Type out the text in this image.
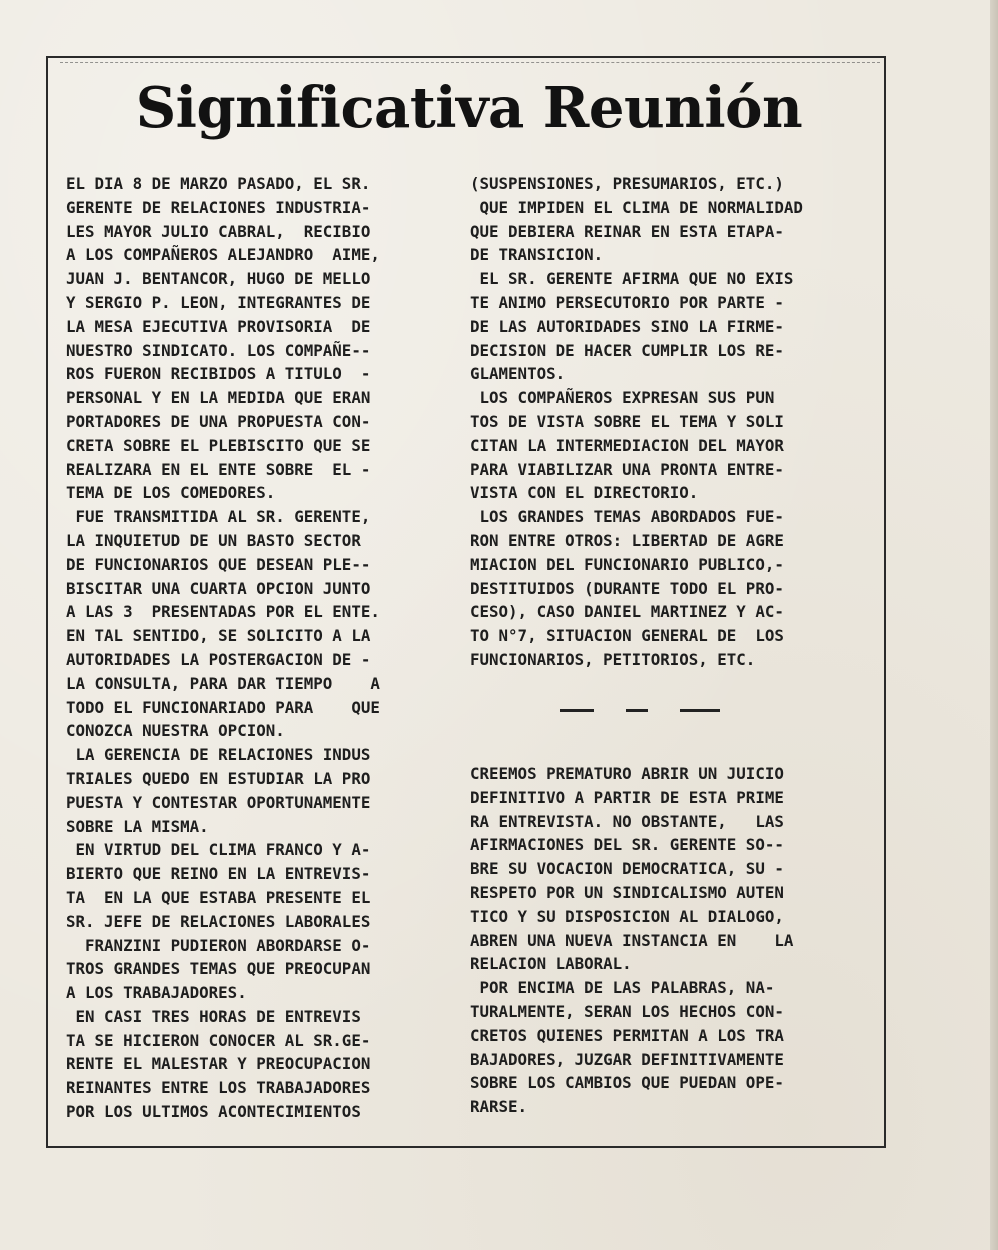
Significativa Reunión
EL DIA 8 DE MARZO PASADO, EL SR.
GERENTE DE RELACIONES INDUSTRIA-
LES MAYOR JULIO CABRAL,  RECIBIO
A LOS COMPAÑEROS ALEJANDRO  AIME,
JUAN J. BENTANCOR, HUGO DE MELLO
Y SERGIO P. LEON, INTEGRANTES DE
LA MESA EJECUTIVA PROVISORIA  DE
NUESTRO SINDICATO. LOS COMPAÑE--
ROS FUERON RECIBIDOS A TITULO  -
PERSONAL Y EN LA MEDIDA QUE ERAN
PORTADORES DE UNA PROPUESTA CON-
CRETA SOBRE EL PLEBISCITO QUE SE
REALIZARA EN EL ENTE SOBRE  EL -
TEMA DE LOS COMEDORES.
FUE TRANSMITIDA AL SR. GERENTE,
LA INQUIETUD DE UN BASTO SECTOR
DE FUNCIONARIOS QUE DESEAN PLE--
BISCITAR UNA CUARTA OPCION JUNTO
A LAS 3  PRESENTADAS POR EL ENTE.
EN TAL SENTIDO, SE SOLICITO A LA
AUTORIDADES LA POSTERGACION DE -
LA CONSULTA, PARA DAR TIEMPO    A
TODO EL FUNCIONARIADO PARA    QUE
CONOZCA NUESTRA OPCION.
LA GERENCIA DE RELACIONES INDUS
TRIALES QUEDO EN ESTUDIAR LA PRO
PUESTA Y CONTESTAR OPORTUNAMENTE
SOBRE LA MISMA.
EN VIRTUD DEL CLIMA FRANCO Y A-
BIERTO QUE REINO EN LA ENTREVIS-
TA  EN LA QUE ESTABA PRESENTE EL
SR. JEFE DE RELACIONES LABORALES
FRANZINI PUDIERON ABORDARSE O-
TROS GRANDES TEMAS QUE PREOCUPAN
A LOS TRABAJADORES.
EN CASI TRES HORAS DE ENTREVIS
TA SE HICIERON CONOCER AL SR.GE-
RENTE EL MALESTAR Y PREOCUPACION
REINANTES ENTRE LOS TRABAJADORES
POR LOS ULTIMOS ACONTECIMIENTOS
(SUSPENSIONES, PRESUMARIOS, ETC.)
QUE IMPIDEN EL CLIMA DE NORMALIDAD
QUE DEBIERA REINAR EN ESTA ETAPA-
DE TRANSICION.
EL SR. GERENTE AFIRMA QUE NO EXIS
TE ANIMO PERSECUTORIO POR PARTE -
DE LAS AUTORIDADES SINO LA FIRME-
DECISION DE HACER CUMPLIR LOS RE-
GLAMENTOS.
LOS COMPAÑEROS EXPRESAN SUS PUN
TOS DE VISTA SOBRE EL TEMA Y SOLI
CITAN LA INTERMEDIACION DEL MAYOR
PARA VIABILIZAR UNA PRONTA ENTRE-
VISTA CON EL DIRECTORIO.
LOS GRANDES TEMAS ABORDADOS FUE-
RON ENTRE OTROS: LIBERTAD DE AGRE
MIACION DEL FUNCIONARIO PUBLICO,-
DESTITUIDOS (DURANTE TODO EL PRO-
CESO), CASO DANIEL MARTINEZ Y AC-
TO N°7, SITUACION GENERAL DE  LOS
FUNCIONARIOS, PETITORIOS, ETC.
CREEMOS PREMATURO ABRIR UN JUICIO
DEFINITIVO A PARTIR DE ESTA PRIME
RA ENTREVISTA. NO OBSTANTE,   LAS
AFIRMACIONES DEL SR. GERENTE SO--
BRE SU VOCACION DEMOCRATICA, SU -
RESPETO POR UN SINDICALISMO AUTEN
TICO Y SU DISPOSICION AL DIALOGO,
ABREN UNA NUEVA INSTANCIA EN    LA
RELACION LABORAL.
POR ENCIMA DE LAS PALABRAS, NA-
TURALMENTE, SERAN LOS HECHOS CON-
CRETOS QUIENES PERMITAN A LOS TRA
BAJADORES, JUZGAR DEFINITIVAMENTE
SOBRE LOS CAMBIOS QUE PUEDAN OPE-
RARSE.
